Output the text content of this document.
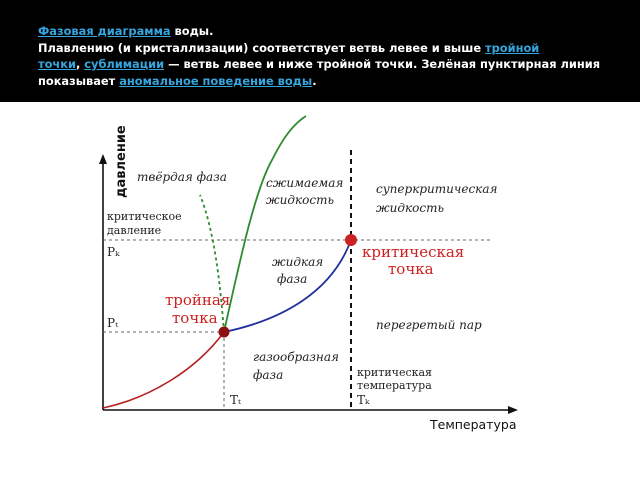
Фазовая диаграмма воды.
Плавлению (и кристаллизации) соответствует ветвь левее и выше тройной
точки, сублимации — ветвь левее и ниже тройной точки. Зелёная пунктирная линия
показывает аномальное поведение воды.
давление
Температура
твёрдая фаза	сжимаемая
жидкость
суперкритическая
жидкость
жидкая
фаза
газообразная
фаза
перегретый пар
критическое
давление
Pₖ
Pₜ
тройная
точка
критическая
точка
критическая
температура
Tₜ	Tₖ
